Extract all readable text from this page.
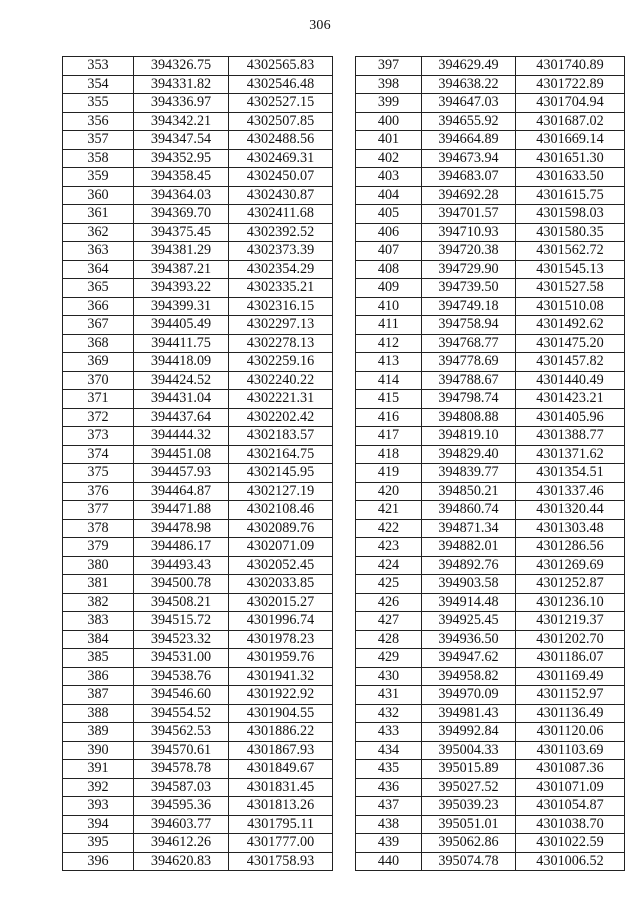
306
353	394326.75	4302565.83
354	394331.82	4302546.48
355	394336.97	4302527.15
356	394342.21	4302507.85
357	394347.54	4302488.56
358	394352.95	4302469.31
359	394358.45	4302450.07
360	394364.03	4302430.87
361	394369.70	4302411.68
362	394375.45	4302392.52
363	394381.29	4302373.39
364	394387.21	4302354.29
365	394393.22	4302335.21
366	394399.31	4302316.15
367	394405.49	4302297.13
368	394411.75	4302278.13
369	394418.09	4302259.16
370	394424.52	4302240.22
371	394431.04	4302221.31
372	394437.64	4302202.42
373	394444.32	4302183.57
374	394451.08	4302164.75
375	394457.93	4302145.95
376	394464.87	4302127.19
377	394471.88	4302108.46
378	394478.98	4302089.76
379	394486.17	4302071.09
380	394493.43	4302052.45
381	394500.78	4302033.85
382	394508.21	4302015.27
383	394515.72	4301996.74
384	394523.32	4301978.23
385	394531.00	4301959.76
386	394538.76	4301941.32
387	394546.60	4301922.92
388	394554.52	4301904.55
389	394562.53	4301886.22
390	394570.61	4301867.93
391	394578.78	4301849.67
392	394587.03	4301831.45
393	394595.36	4301813.26
394	394603.77	4301795.11
395	394612.26	4301777.00
396	394620.83	4301758.93
397	394629.49	4301740.89
398	394638.22	4301722.89
399	394647.03	4301704.94
400	394655.92	4301687.02
401	394664.89	4301669.14
402	394673.94	4301651.30
403	394683.07	4301633.50
404	394692.28	4301615.75
405	394701.57	4301598.03
406	394710.93	4301580.35
407	394720.38	4301562.72
408	394729.90	4301545.13
409	394739.50	4301527.58
410	394749.18	4301510.08
411	394758.94	4301492.62
412	394768.77	4301475.20
413	394778.69	4301457.82
414	394788.67	4301440.49
415	394798.74	4301423.21
416	394808.88	4301405.96
417	394819.10	4301388.77
418	394829.40	4301371.62
419	394839.77	4301354.51
420	394850.21	4301337.46
421	394860.74	4301320.44
422	394871.34	4301303.48
423	394882.01	4301286.56
424	394892.76	4301269.69
425	394903.58	4301252.87
426	394914.48	4301236.10
427	394925.45	4301219.37
428	394936.50	4301202.70
429	394947.62	4301186.07
430	394958.82	4301169.49
431	394970.09	4301152.97
432	394981.43	4301136.49
433	394992.84	4301120.06
434	395004.33	4301103.69
435	395015.89	4301087.36
436	395027.52	4301071.09
437	395039.23	4301054.87
438	395051.01	4301038.70
439	395062.86	4301022.59
440	395074.78	4301006.52
